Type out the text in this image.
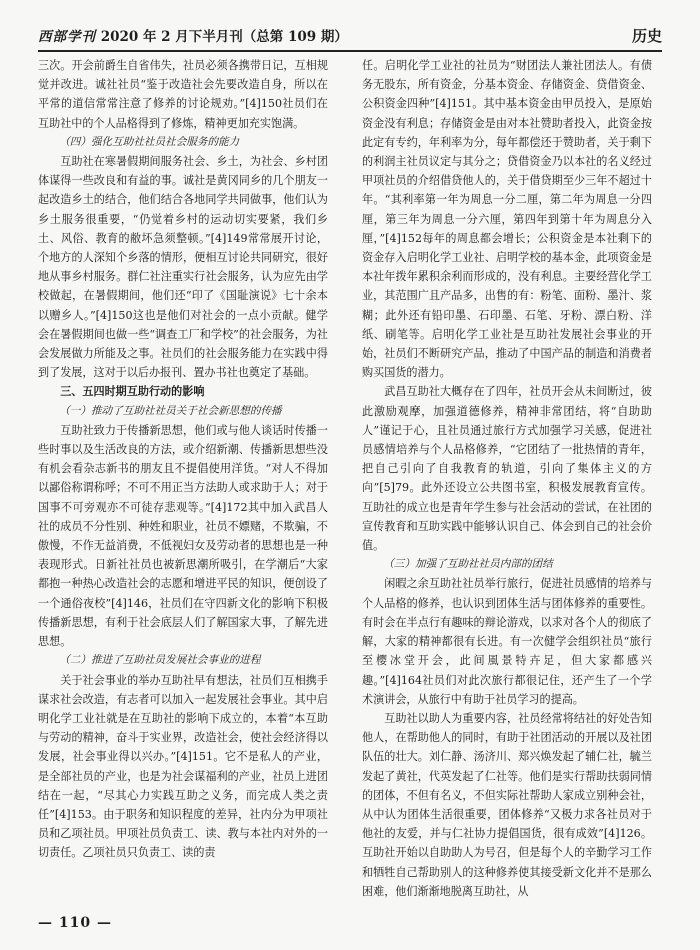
西部学刊 2020 年 2 月下半月刊（总第 109 期）	历史

三次。开会前爵生自省伟失，社员必须各携带日记，互相规觉并改进。诚社社员“鉴于改造社会先要改造自身，所以在平常的道信常常注意了修养的讨论规劝。”[4]150社员们在互助社中的个人品格得到了修炼，精神更加充实饱满。

（四）强化互助社社员社会服务的能力

互助社在寒暑假期间服务社会、乡土，为社会、乡村团体谋得一些改良和有益的事。诚社是黄冈同乡的几个朋友一起改造乡土的结合，他们结合各地同学共同做事，他们认为乡土服务很重要，“仍觉着乡村的运动切实要紧，我们乡土、风俗、教育的敝坏急须整顿。”[4]149常常展开讨论，个地方的人深知个乡落的情形，便相互讨论共同研究，很好地从事乡村服务。群仁社注重实行社会服务，认为应先由学校做起，在暑假期间，他们还“印了《国耻演说》七十余本以赠乡人。”[4]150这也是他们对社会的一点小贡献。健学会在暑假期间也做一些“调查工厂和学校”的社会服务，为社会发展做力所能及之事。社员们的社会服务能力在实践中得到了发展，这对于以后办报刊、置办书社也奠定了基础。

三、五四时期互助行动的影响
（一）推动了互助社社员关于社会新思想的传播

互助社致力于传播新思想，他们或与他人谈话时传播一些时事以及生活改良的方法，或介绍新潮、传播新思想些没有机会看杂志新书的朋友且不提倡使用洋货。“对人不得加以鄙俗称谓称呼；不可不用正当方法助人或求助于人；对于国事不可旁观亦不可徒存悲观等。”[4]172其中加入武昌人社的成员不分性别、种姓和职业，社员不嫖赌，不欺骗，不傲慢，不作无益消费，不低视妇女及劳动者的思想也是一种表现形式。日新社社员也被新思潮所吸引，在学潮后“大家都抱一种热心改造社会的志愿和增进平民的知识，便创设了一个通俗夜校”[4]146，社员们在守四新文化的影响下积极传播新思想，有利于社会底层人们了解国家大事，了解先进思想。

（二）推进了互助社员发展社会事业的进程

关于社会事业的举办互助社早有想法，社员们互相携手谋求社会改造，有志者可以加入一起发展社会事业。其中启明化学工业社就是在互助社的影响下成立的，本着“本互助与劳动的精神，奋斗于实业界，改造社会，使社会经济得以发展，社会事业得以兴办。”[4]151。它不是私人的产业，是全部社员的产业，也是为社会谋福利的产业，社员上进团结在一起，“尽其心力实践互助之义务，而完成人类之责任”[4]153。由于职务和知识程度的差异，社内分为甲项社员和乙项社员。甲项社员负责工、读、教与本社内对外的一切责任。乙项社员只负责工、读的责

任。启明化学工业社的社员为“财团法人兼社团法人。有债务无股东，所有资金，分基本资金、存储资金、贷借资金、公积资金四种”[4]151。其中基本资金由甲员投入，是原始资金没有利息；存储资金是由对本社赞助者投入，此资金按此定有专约，年利率为分，每年都偿还于赞助者，关于剩下的利润主社员议定与其分之；贷借资金乃以本社的名义经过甲项社员的介绍借贷他人的，关于借贷期至少三年不超过十年。“其利率第一年为周息一分二厘，第二年为周息一分四厘，第三年为周息一分六厘，第四年到第十年为周息分入厘，”[4]152每年的周息都会增长；公积资金是本社剩下的资金存入启明化学工业社、启明学校的基本金，此项资金是本社年拨年累积余利而形成的，没有利息。主要经营化学工业，其范围广且产品多，出售的有：粉笔、面粉、墨汁、浆糊；此外还有铅印墨、石印墨、石笔、牙粉、漂白粉、洋纸、刷笔等。启明化学工业社是互助社发展社会事业的开始，社员们不断研究产品，推动了中国产品的制造和消费者购买国货的潜力。

武昌互助社大概存在了四年，社员开会从未间断过，彼此激励观摩，加强道德修养，精神非常团结，将“自助助人”谨记于心，且社员通过旅行方式加强学习关感，促进社员感情培养与个人品格修养，“它团结了一批热情的青年，把自己引向了自我教育的轨道，引向了集体主义的方向”[5]79。此外还设立公共图书室，积极发展教育宣传。互助社的成立也是青年学生参与社会活动的尝试，在社团的宣传教育和互助实践中能够认识自己、体会到自己的社会价值。

（三）加强了互助社社员内部的团结

闲暇之余互助社社员举行旅行，促进社员感情的培养与个人品格的修养，也认识到团体生活与团体修养的重要性。有时会在半点行有趣味的辩论游戏，以求对各个人的彻底了解，大家的精神都很有长进。有一次健学会组织社员“旅行至樱冰堂开会，此间風景特卉足，但大家都感兴趣。”[4]164社员们对此次旅行都很记住，还产生了一个学术演讲会，从旅行中有助于社员学习的提高。

互助社以助人为重要内容，社员经常将结社的好处告知他人，在帮助他人的同时，有助于社团活动的开展以及社团队伍的壮大。刘仁静、汤济川、郑兴焕发起了辅仁社，毓兰发起了黄社，代英发起了仁社等。他们是实行帮助扶弱同情的团体，不但有名义，不但实际社帮助人家成立别种会社，从中认为团体生活很重要，团体修养“又极力求各社员对于他社的友爱，并与仁社协力提倡国货，很有成效”[4]126。互助社开始以自助助人为号召，但是每个人的辛勤学习工作和牺牲自己帮助别人的这种修养使其接受新文化并不是那么困难，他们渐渐地脱离互助社，从

— 110 —
